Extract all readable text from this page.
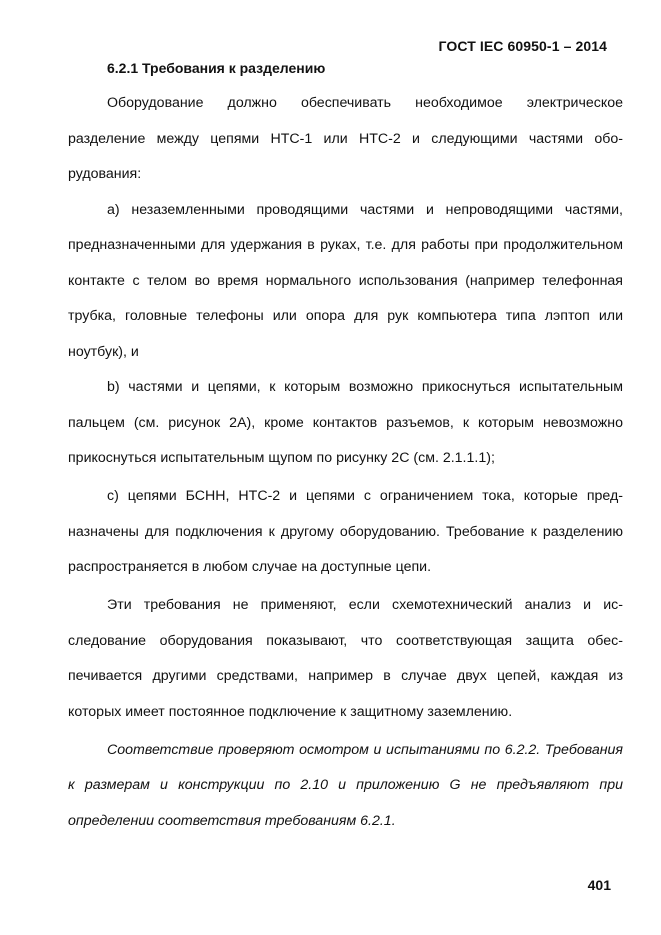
ГОСТ IEC 60950-1 – 2014
6.2.1 Требования к разделению

Оборудование должно обеспечивать необходимое электрическое разделение между цепями НТС-1 или НТС-2 и следующими частями оборудования:

а) незаземленными проводящими частями и непроводящими частями, предназначенными для удержания в руках, т.е. для работы при продолжительном контакте с телом во время нормального использования (например телефонная трубка, головные телефоны или опора для рук компьютера типа лэптоп или ноутбук), и

b) частями и цепями, к которым возможно прикоснуться испытательным пальцем (см. рисунок 2А), кроме контактов разъемов, к которым невозможно прикоснуться испытательным щупом по рисунку 2C (см. 2.1.1.1);

c) цепями БСНН, НТС-2 и цепями с ограничением тока, которые предназначены для подключения к другому оборудованию. Требование к разделению распространяется в любом случае на доступные цепи.

Эти требования не применяют, если схемотехнический анализ и исследование оборудования показывают, что соответствующая защита обеспечивается другими средствами, например в случае двух цепей, каждая из которых имеет постоянное подключение к защитному заземлению.

Соответствие проверяют осмотром и испытаниями по 6.2.2. Требования к размерам и конструкции по 2.10 и приложению G не предъявляют при определении соответствия требованиям 6.2.1.

401
